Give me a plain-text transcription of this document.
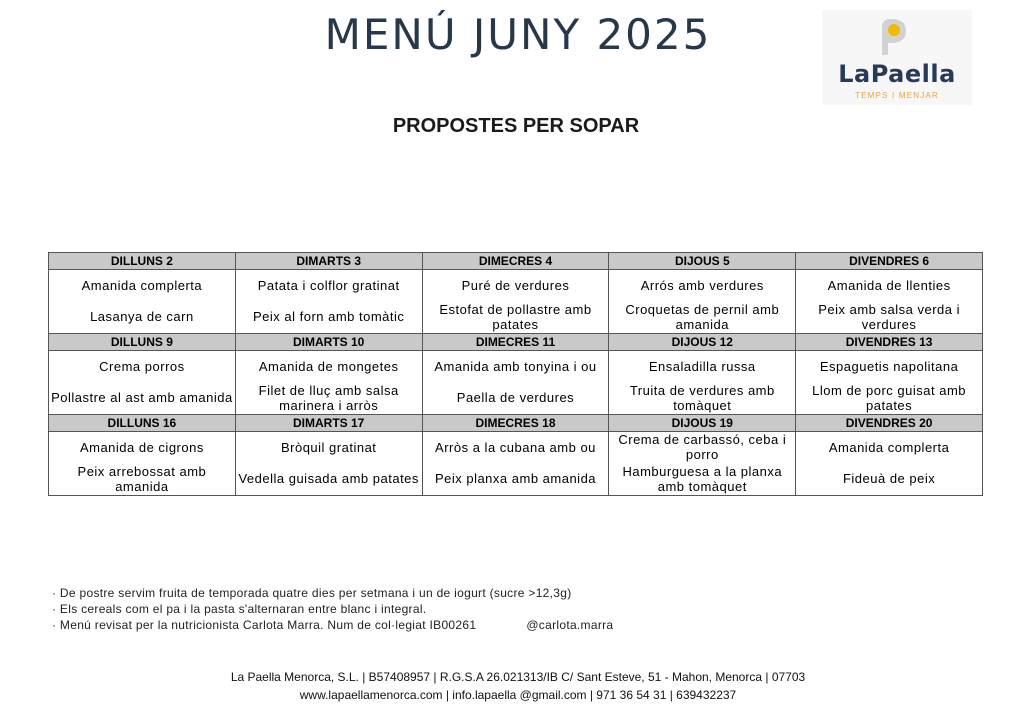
MENÚ JUNY 2025
LaPaella
TEMPS I MENJAR
PROPOSTES PER SOPAR
DILLUNS 2	DIMARTS 3	DIMECRES 4	DIJOUS 5	DIVENDRES 6
Amanida complerta	Patata i colflor gratinat	Puré de verdures	Arrós amb verdures	Amanida de llenties
Lasanya de carn	Peix al forn amb tomàtic	Estofat de pollastre amb patates	Croquetas de pernil amb amanida	Peix amb salsa verda i verdures
DILLUNS 9	DIMARTS 10	DIMECRES 11	DIJOUS 12	DIVENDRES 13
Crema porros	Amanida de mongetes	Amanida amb tonyina i ou	Ensaladilla russa	Espaguetis napolitana
Pollastre al ast amb amanida	Filet de lluç amb salsa marinera i arròs	Paella de verdures	Truita de verdures amb tomàquet	Llom de porc guisat amb patates
DILLUNS 16	DIMARTS 17	DIMECRES 18	DIJOUS 19	DIVENDRES 20
Amanida de cigrons	Bròquil gratinat	Arròs a la cubana amb ou	Crema de carbassó, ceba i porro	Amanida complerta
Peix arrebossat amb amanida	Vedella guisada amb patates	Peix planxa amb amanida	Hamburguesa a la planxa amb tomàquet	Fideuà de peix
· De postre servim fruita de temporada quatre dies per setmana i un de iogurt (sucre >12,3g)
· Els cereals com el pa i la pasta s'alternaran entre blanc i integral.
· Menú revisat per la nutricionista Carlota Marra. Num de col·legiat IB00261	@carlota.marra
La Paella Menorca, S.L. | B57408957 | R.G.S.A 26.021313/IB C/ Sant Esteve, 51 - Mahon, Menorca | 07703
www.lapaellamenorca.com | info.lapaella @gmail.com | 971 36 54 31 | 639432237
